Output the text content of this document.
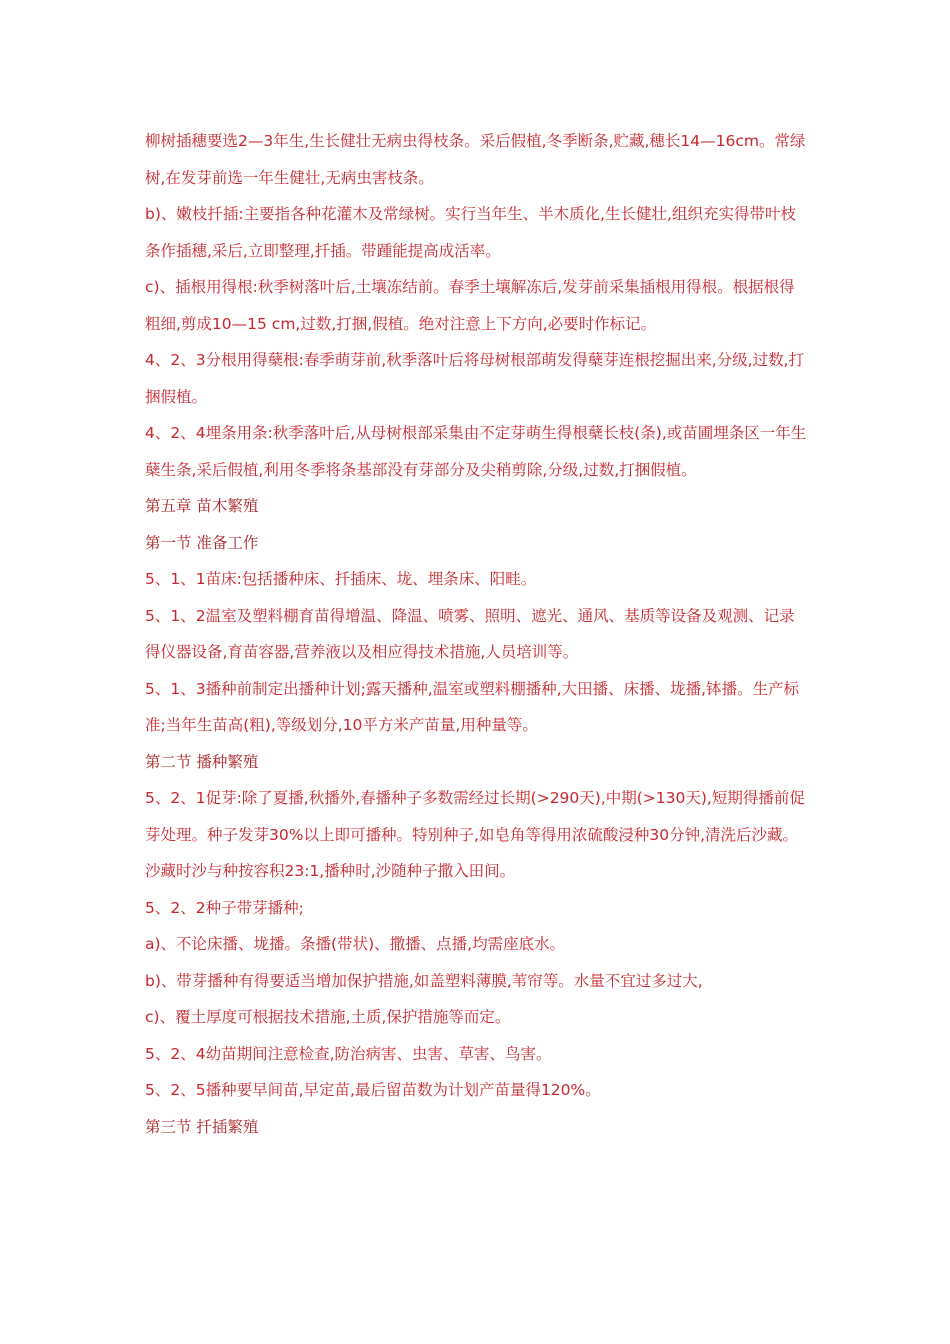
柳树插穗要选2—3年生,生长健壮无病虫得枝条。采后假植,冬季断条,贮藏,穗长14—16cm。常绿树,在发芽前选一年生健壮,无病虫害枝条。

b)、嫩枝扦插:主要指各种花灌木及常绿树。实行当年生、半木质化,生长健壮,组织充实得带叶枝条作插穗,采后,立即整理,扦插。带踵能提高成活率。

c)、插根用得根:秋季树落叶后,土壤冻结前。春季土壤解冻后,发芽前采集插根用得根。根据根得粗细,剪成10—15 cm,过数,打捆,假植。绝对注意上下方向,必要时作标记。

4、2、3分根用得蘖根:春季萌芽前,秋季落叶后将母树根部萌发得蘖芽连根挖掘出来,分级,过数,打捆假植。

4、2、4埋条用条:秋季落叶后,从母树根部采集由不定芽萌生得根蘖长枝(条),或苗圃埋条区一年生蘖生条,采后假植,利用冬季将条基部没有芽部分及尖稍剪除,分级,过数,打捆假植。

第五章 苗木繁殖

第一节 准备工作

5、1、1苗床:包括播种床、扦插床、垅、埋条床、阳畦。

5、1、2温室及塑料棚育苗得增温、降温、喷雾、照明、遮光、通风、基质等设备及观测、记录得仪器设备,育苗容器,营养液以及相应得技术措施,人员培训等。

5、1、3播种前制定出播种计划;露天播种,温室或塑料棚播种,大田播、床播、垅播,钵播。生产标准;当年生苗高(粗),等级划分,10平方米产苗量,用种量等。

第二节 播种繁殖

5、2、1促芽:除了夏播,秋播外,春播种子多数需经过长期(>290天),中期(>130天),短期得播前促芽处理。种子发芽30%以上即可播种。特别种子,如皂角等得用浓硫酸浸种30分钟,清洗后沙藏。沙藏时沙与种按容积23:1,播种时,沙随种子撒入田间。

5、2、2种子带芽播种;

a)、不论床播、垅播。条播(带状)、撒播、点播,均需座底水。

b)、带芽播种有得要适当增加保护措施,如盖塑料薄膜,苇帘等。水量不宜过多过大,

c)、覆土厚度可根据技术措施,土质,保护措施等而定。

5、2、4幼苗期间注意检查,防治病害、虫害、草害、鸟害。

5、2、5播种要早间苗,早定苗,最后留苗数为计划产苗量得120%。

第三节 扦插繁殖
